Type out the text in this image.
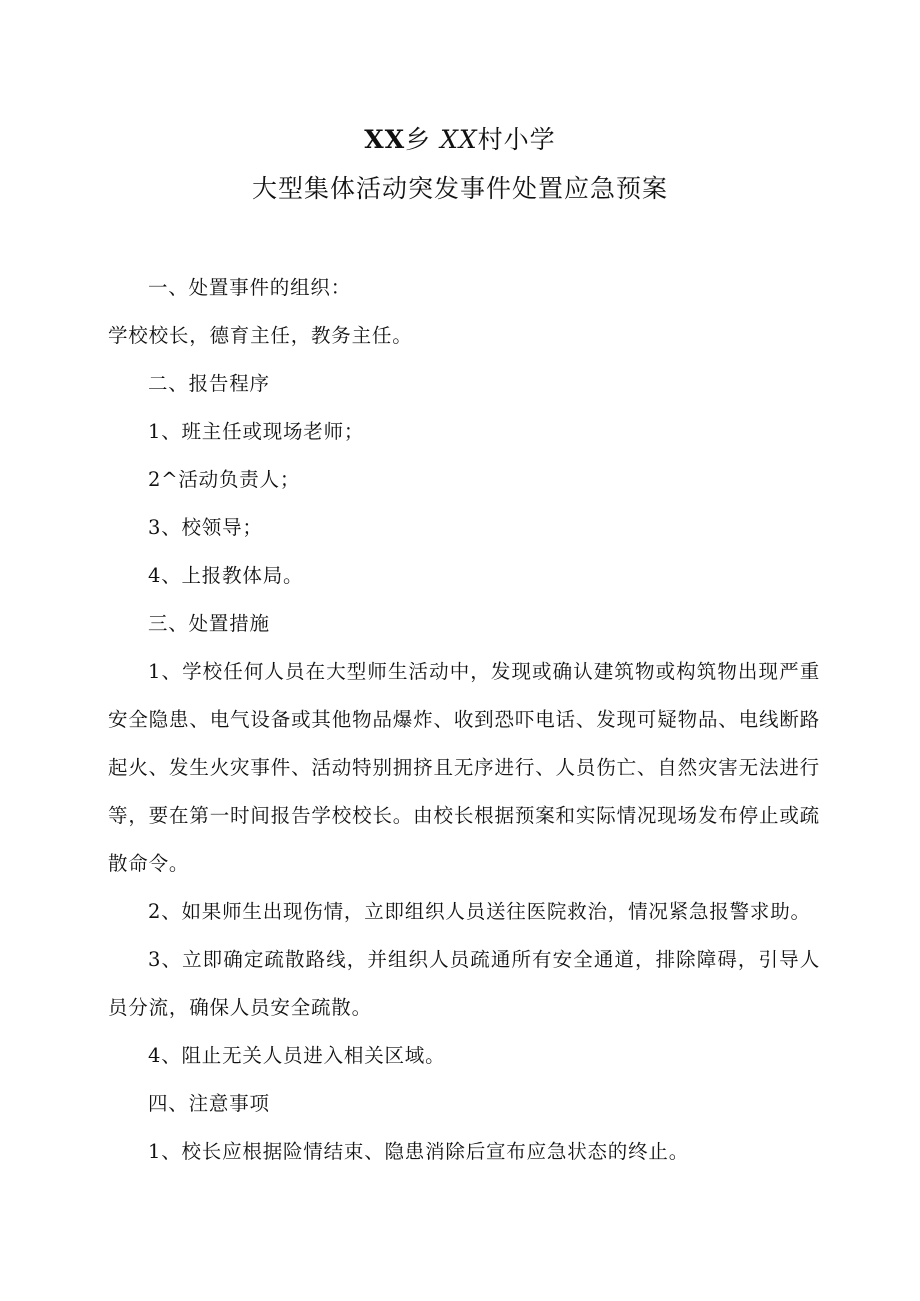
XX乡 XX村小学
大型集体活动突发事件处置应急预案

一、处置事件的组织：

学校校长，德育主任，教务主任。

二、报告程序

1、班主任或现场老师；

2^活动负责人；

3、校领导；

4、上报教体局。

三、处置措施

1、学校任何人员在大型师生活动中，发现或确认建筑物或构筑物出现严重安全隐患、电气设备或其他物品爆炸、收到恐吓电话、发现可疑物品、电线断路起火、发生火灾事件、活动特别拥挤且无序进行、人员伤亡、自然灾害无法进行等，要在第一时间报告学校校长。由校长根据预案和实际情况现场发布停止或疏散命令。

2、如果师生出现伤情，立即组织人员送往医院救治，情况紧急报警求助。

3、立即确定疏散路线，并组织人员疏通所有安全通道，排除障碍，引导人员分流，确保人员安全疏散。

4、阻止无关人员进入相关区域。

四、注意事项

1、校长应根据险情结束、隐患消除后宣布应急状态的终止。
